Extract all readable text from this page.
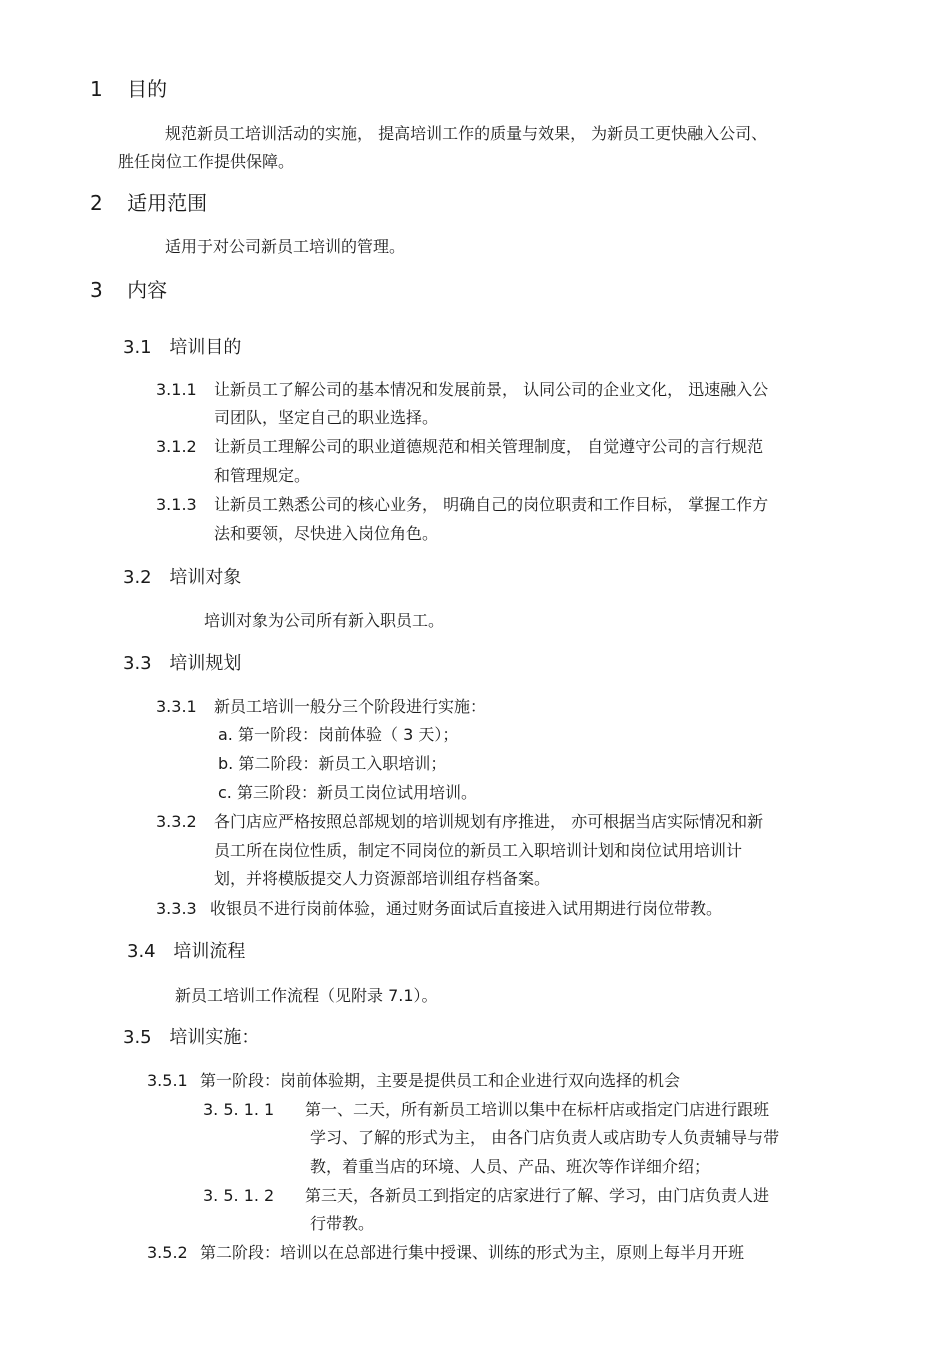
1 目的
规范新员工培训活动的实施， 提高培训工作的质量与效果， 为新员工更快融入公司、
胜任岗位工作提供保障。
2 适用范围
适用于对公司新员工培训的管理。
3 内容
3.1 培训目的
3.1.1 让新员工了解公司的基本情况和发展前景， 认同公司的企业文化， 迅速融入公
司团队，坚定自己的职业选择。
3.1.2 让新员工理解公司的职业道德规范和相关管理制度， 自觉遵守公司的言行规范
和管理规定。
3.1.3 让新员工熟悉公司的核心业务， 明确自己的岗位职责和工作目标， 掌握工作方
法和要领，尽快进入岗位角色。
3.2 培训对象
培训对象为公司所有新入职员工。
3.3 培训规划
3.3.1 新员工培训一般分三个阶段进行实施：
a. 第一阶段：岗前体验（ 3 天）；
b. 第二阶段：新员工入职培训；
c. 第三阶段：新员工岗位试用培训。
3.3.2 各门店应严格按照总部规划的培训规划有序推进， 亦可根据当店实际情况和新
员工所在岗位性质，制定不同岗位的新员工入职培训计划和岗位试用培训计
划，并将模版提交人力资源部培训组存档备案。
3.3.3 收银员不进行岗前体验，通过财务面试后直接进入试用期进行岗位带教。
3.4 培训流程
新员工培训工作流程（见附录 7.1）。
3.5 培训实施：
3.5.1 第一阶段：岗前体验期，主要是提供员工和企业进行双向选择的机会
3. 5. 1. 1 第一、二天，所有新员工培训以集中在标杆店或指定门店进行跟班
学习、了解的形式为主， 由各门店负责人或店助专人负责辅导与带
教，着重当店的环境、人员、产品、班次等作详细介绍；
3. 5. 1. 2 第三天，各新员工到指定的店家进行了解、学习，由门店负责人进
行带教。
3.5.2 第二阶段：培训以在总部进行集中授课、训练的形式为主，原则上每半月开班
